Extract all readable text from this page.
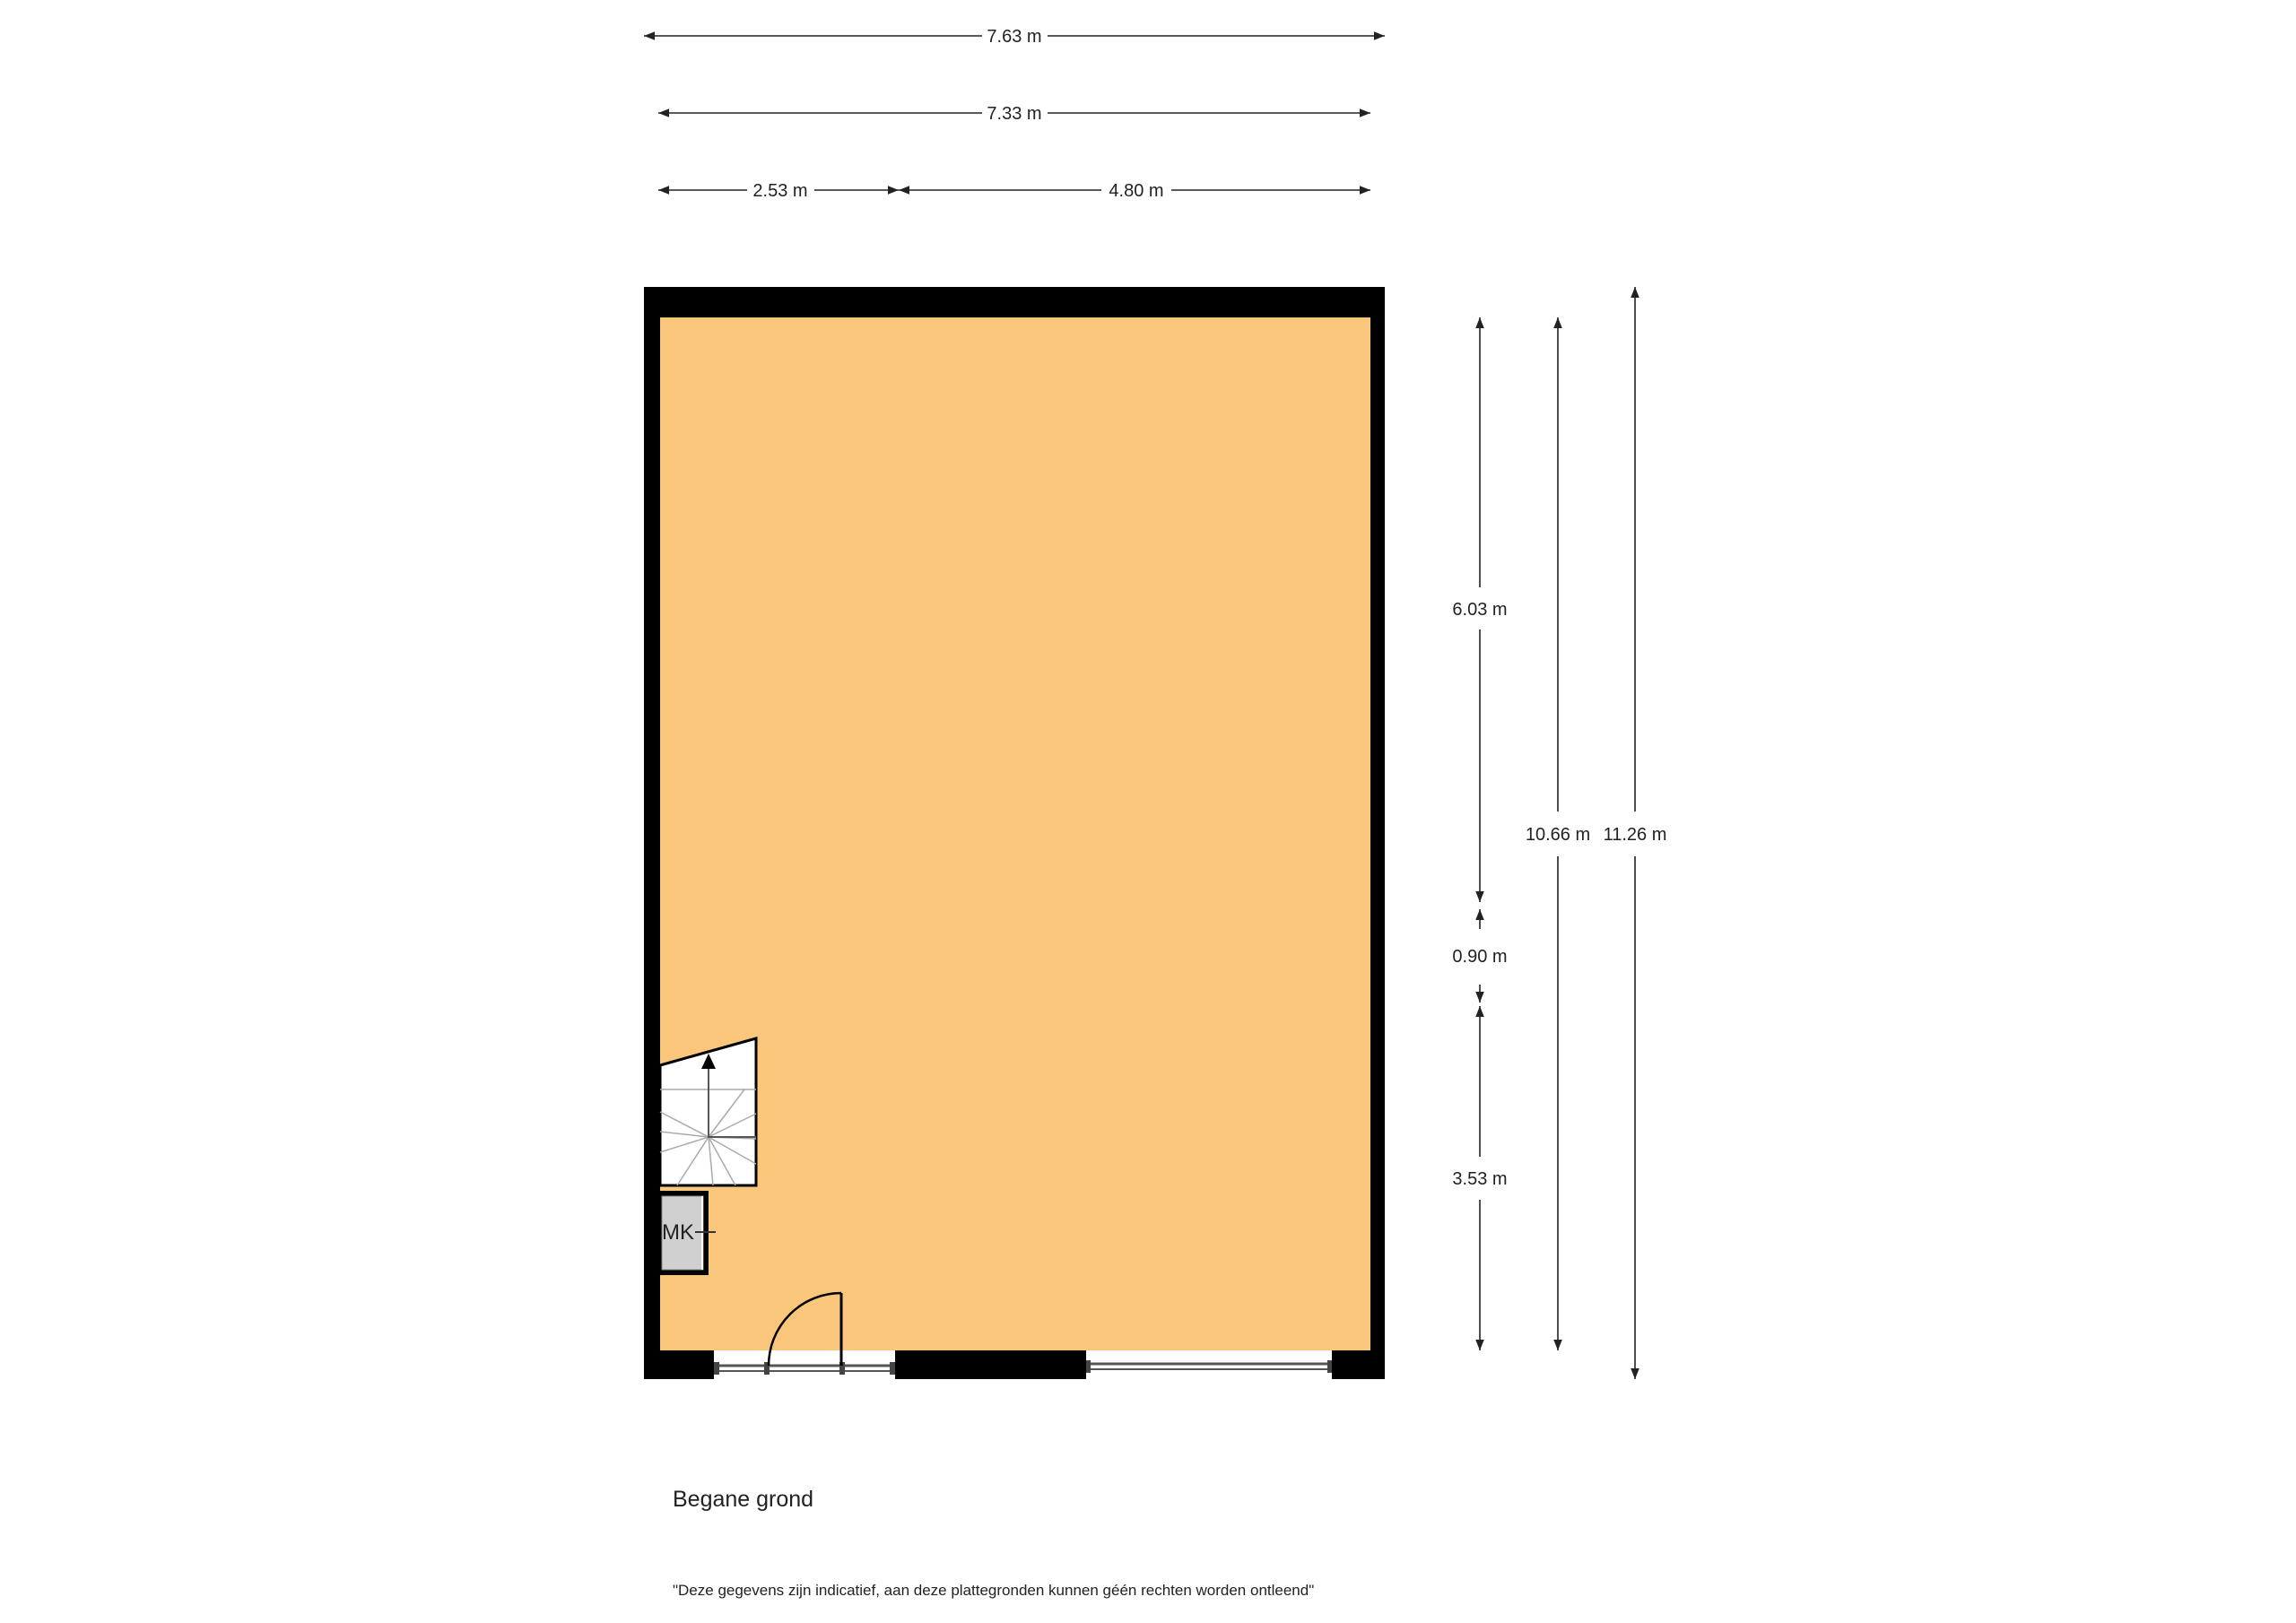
MK
7.63 m
7.33 m
2.53 m	4.80 m
6.03 m
0.90 m
3.53 m
10.66 m 11.26 m
Begane grond
"Deze gegevens zijn indicatief, aan deze plattegronden kunnen géén rechten worden ontleend"
